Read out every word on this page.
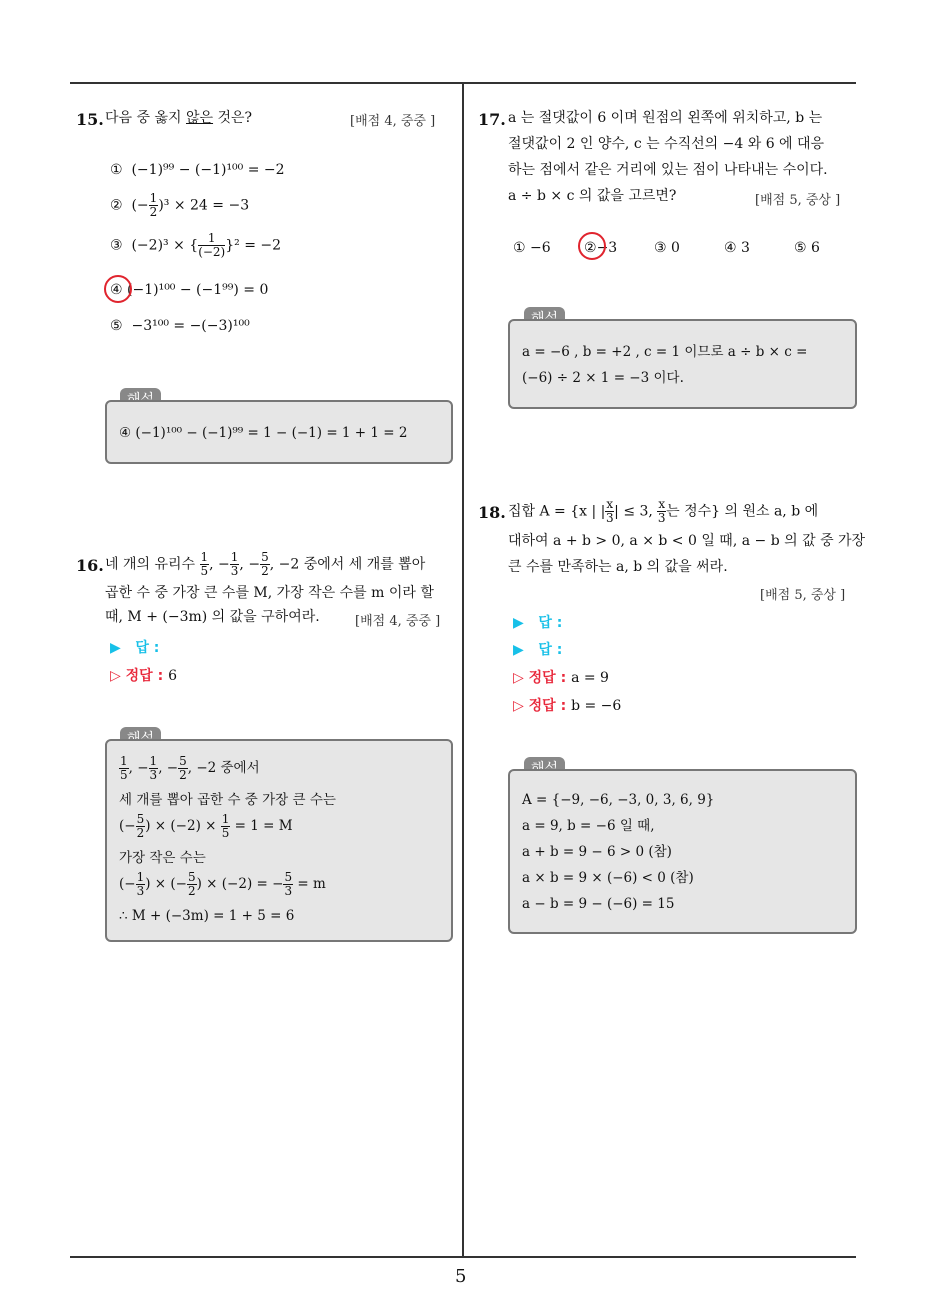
5
15. 다음 중 옳지 않은 것은?	[배점 4, 중중 ]
① (−1)⁹⁹ − (−1)¹⁰⁰ = −2
② (− $\frac{1}{2} )^3 \times 24 = -3$
③ (−2)³ × { $\frac{1}{(-2)} \}^2 = -2$
④ (−1)¹⁰⁰ − (−1⁹⁹) = 0
⑤ −3¹⁰⁰ = −(−3)¹⁰⁰
④ (−1)¹⁰⁰ − (−1)⁹⁹ = 1 − (−1) = 1 + 1 = 2
16. 네 개의 유리수 $\frac{1}{5}$ , − $\frac{1}{3}$ , − $\frac{5}{2}$ , −2 중에서 세 개를 뽑아
곱한 수 중 가장 큰 수를 M, 가장 작은 수를 m 이라 할
때, M + (−3m) 의 값을 구하여라.	[배점 4, 중중 ]
▶ 답 :
▷ 정답 : 6
$\frac{1}{5}$ , − $\frac{1}{3}$ , − $\frac{5}{2}$ , −2 중에서
세 개를 뽑아 곱한 수 중 가장 큰 수는
(− $\frac{5}{2}$ ) × $(-2) \times \frac{1}{5} = 1 = M$
가장 작은 수는
(− $\frac{1}{3}$ ) × (− $\frac{5}{2}$ ) × (−2) = − $\frac{5}{3} = m$
∴ M + (−3m) = 1 + 5 = 6
17. a 는 절댓값이 6 이며 원점의 왼쪽에 위치하고, b 는
절댓값이 2 인 양수, c 는 수직선의 −4 와 6 에 대응
하는 점에서 같은 거리에 있는 점이 나타내는 수이다.
a ÷ b × c 의 값을 고르면?	[배점 5, 중상 ]
① −6 ②−3	③ 0	④ 3	⑤ 6
a = −6 , b = +2 , c = 1 이므로 a ÷ b × c =
(−6) ÷ 2 × 1 = −3 이다.
18. 집합 A = {x | | $\frac{x}{3}$ | ≤ 3, $\frac{x}{3}$ 는 정수} 의 원소 a, b 에
대하여 a + b > 0, a × b < 0 일 때, a − b 의 값 중 가장
큰 수를 만족하는 a, b 의 값을 써라.
[배점 5, 중상 ]
▶ 답 :
▶ 답 :
▷ 정답 : a = 9
▷ 정답 : b = −6
A = {−9, −6, −3, 0, 3, 6, 9}
a = 9, b = −6 일 때,
a + b = 9 − 6 > 0 (참)
a × b = 9 × (−6) < 0 (참)
a − b = 9 − (−6) = 15
